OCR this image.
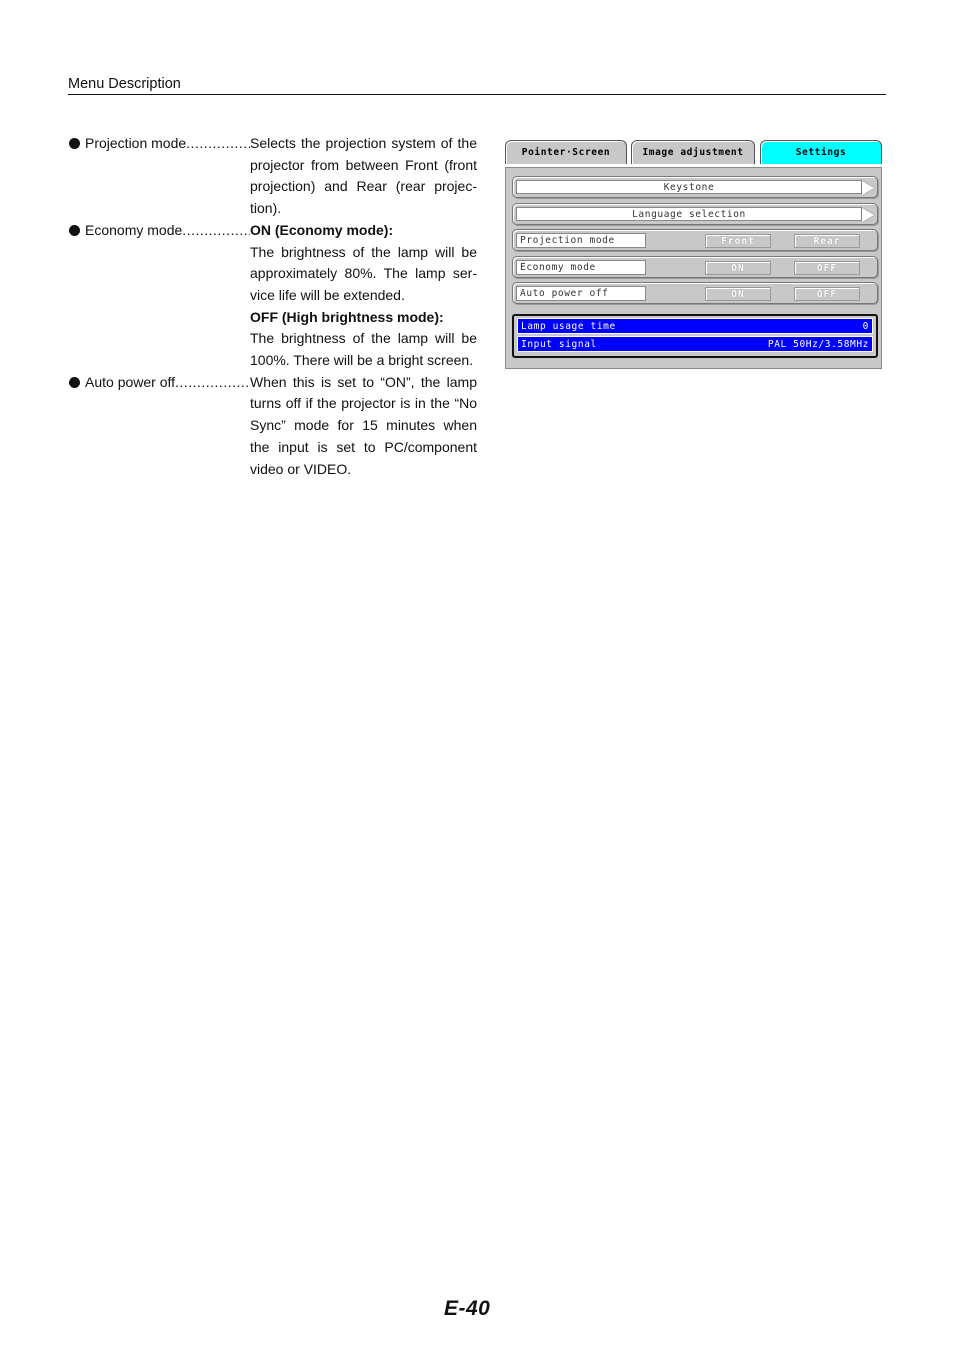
Menu Description
Projection mode .....	Selects the projection system of the projector from between Front (front projection) and Rear (rear projec-tion).

Economy mode .....	ON (Economy mode):

The brightness of the lamp will be approximately 80%. The lamp ser-vice life will be extended.

OFF (High brightness mode):

The brightness of the lamp will be 100%. There will be a bright screen.

Auto power off .....	When this is set to “ON”, the lamp turns off if the projector is in the “No Sync” mode for 15 minutes when the input is set to PC/component video or VIDEO.

Pointer·Screen	Image adjustment	Settings
Keystone
Language selection
Projection mode	Front	Rear
Economy mode	ON	OFF
Auto power off	ON	OFF
Lamp usage time	0
Input signal	PAL 50Hz/3.58MHz
E-40
